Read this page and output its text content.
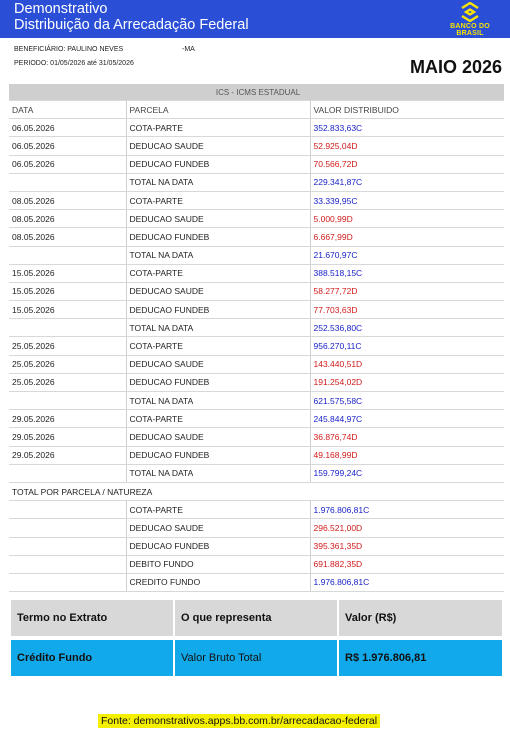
Demonstrativo
Distribuição da Arrecadação Federal	BANCO DO BRASIL
BENEFICIÁRIO: PAULINO NEVES	-MA
PERIODO: 01/05/2026 até 31/05/2026	MAIO 2026
ICS - ICMS ESTADUAL		
DATA	PARCELA	VALOR DISTRIBUIDO
06.05.2026	COTA-PARTE	352.833,63C
06.05.2026	DEDUCAO SAUDE	52.925,04D
06.05.2026	DEDUCAO FUNDEB	70.566,72D
	TOTAL NA DATA	229.341,87C
08.05.2026	COTA-PARTE	33.339,95C
08.05.2026	DEDUCAO SAUDE	5.000,99D
08.05.2026	DEDUCAO FUNDEB	6.667,99D
	TOTAL NA DATA	21.670,97C
15.05.2026	COTA-PARTE	388.518,15C
15.05.2026	DEDUCAO SAUDE	58.277,72D
15.05.2026	DEDUCAO FUNDEB	77.703,63D
	TOTAL NA DATA	252.536,80C
25.05.2026	COTA-PARTE	956.270,11C
25.05.2026	DEDUCAO SAUDE	143.440,51D
25.05.2026	DEDUCAO FUNDEB	191.254,02D
	TOTAL NA DATA	621.575,58C
29.05.2026	COTA-PARTE	245.844,97C
29.05.2026	DEDUCAO SAUDE	36.876,74D
29.05.2026	DEDUCAO FUNDEB	49.168,99D
	TOTAL NA DATA	159.799,24C
TOTAL POR PARCELA / NATUREZA		
	COTA-PARTE	1.976.806,81C
	DEDUCAO SAUDE	296.521,00D
	DEDUCAO FUNDEB	395.361,35D
	DEBITO FUNDO	691.882,35D
	CREDITO FUNDO	1.976.806,81C
Termo no Extrato	O que representa	Valor (R$)

Crédito Fundo	Valor Bruto Total	R$ 1.976.806,81
Fonte: demonstrativos.apps.bb.com.br/arrecadacao-federal
